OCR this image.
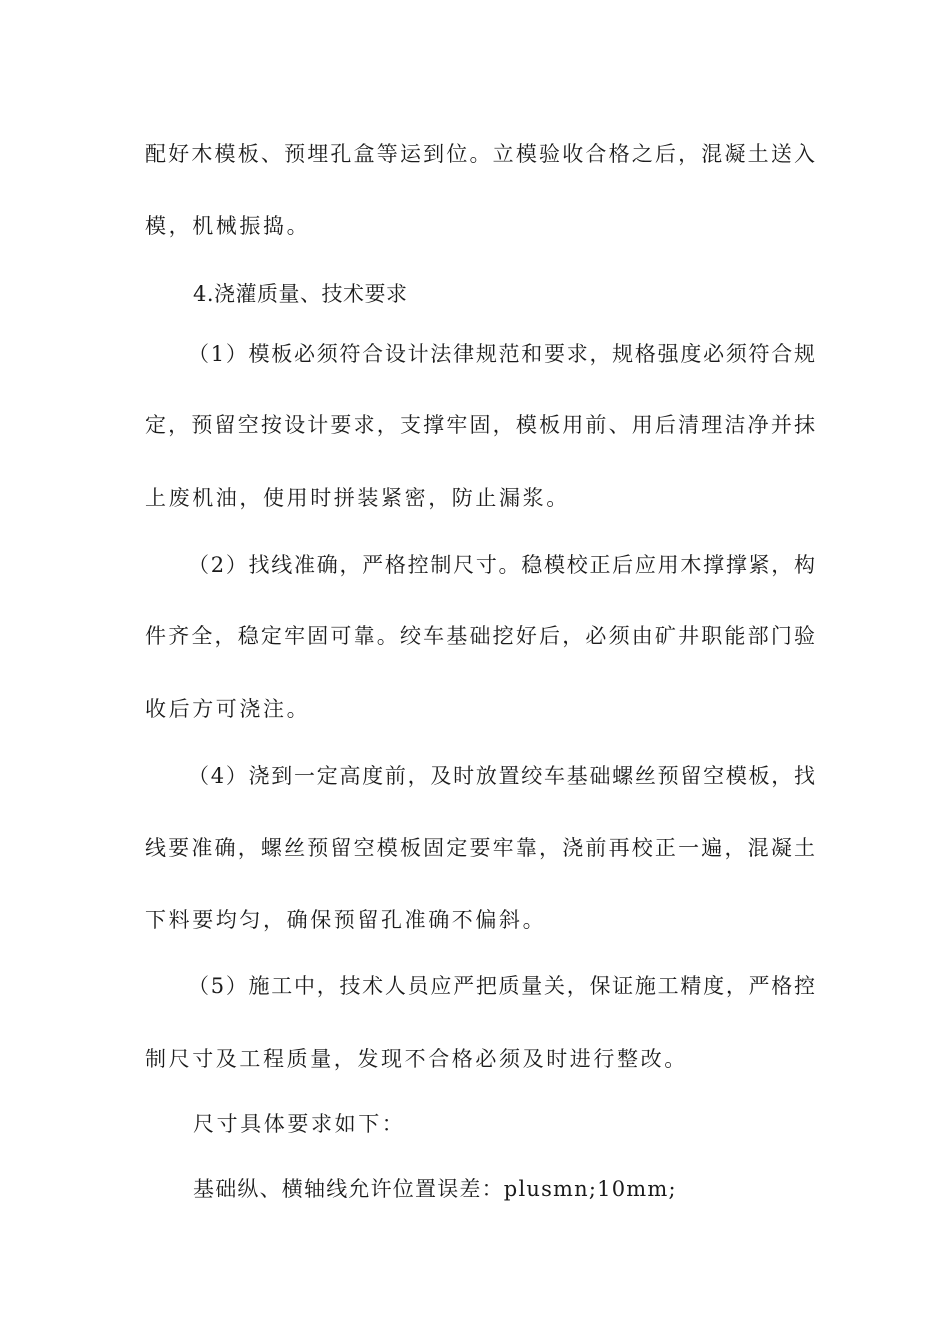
配好木模板、预埋孔盒等运到位。立模验收合格之后，混凝土送入
模，机械振捣。
4.浇灌质量、技术要求
（1）模板必须符合设计法律规范和要求，规格强度必须符合规
定，预留空按设计要求，支撑牢固，模板用前、用后清理洁净并抹
上废机油，使用时拼装紧密，防止漏浆。
（2）找线准确，严格控制尺寸。稳模校正后应用木撑撑紧，构
件齐全，稳定牢固可靠。绞车基础挖好后，必须由矿井职能部门验
收后方可浇注。
（4）浇到一定高度前，及时放置绞车基础螺丝预留空模板，找
线要准确，螺丝预留空模板固定要牢靠，浇前再校正一遍，混凝土
下料要均匀，确保预留孔准确不偏斜。
（5）施工中，技术人员应严把质量关，保证施工精度，严格控
制尺寸及工程质量，发现不合格必须及时进行整改。
尺寸具体要求如下：
基础纵、横轴线允许位置误差：plusmn;10mm;
